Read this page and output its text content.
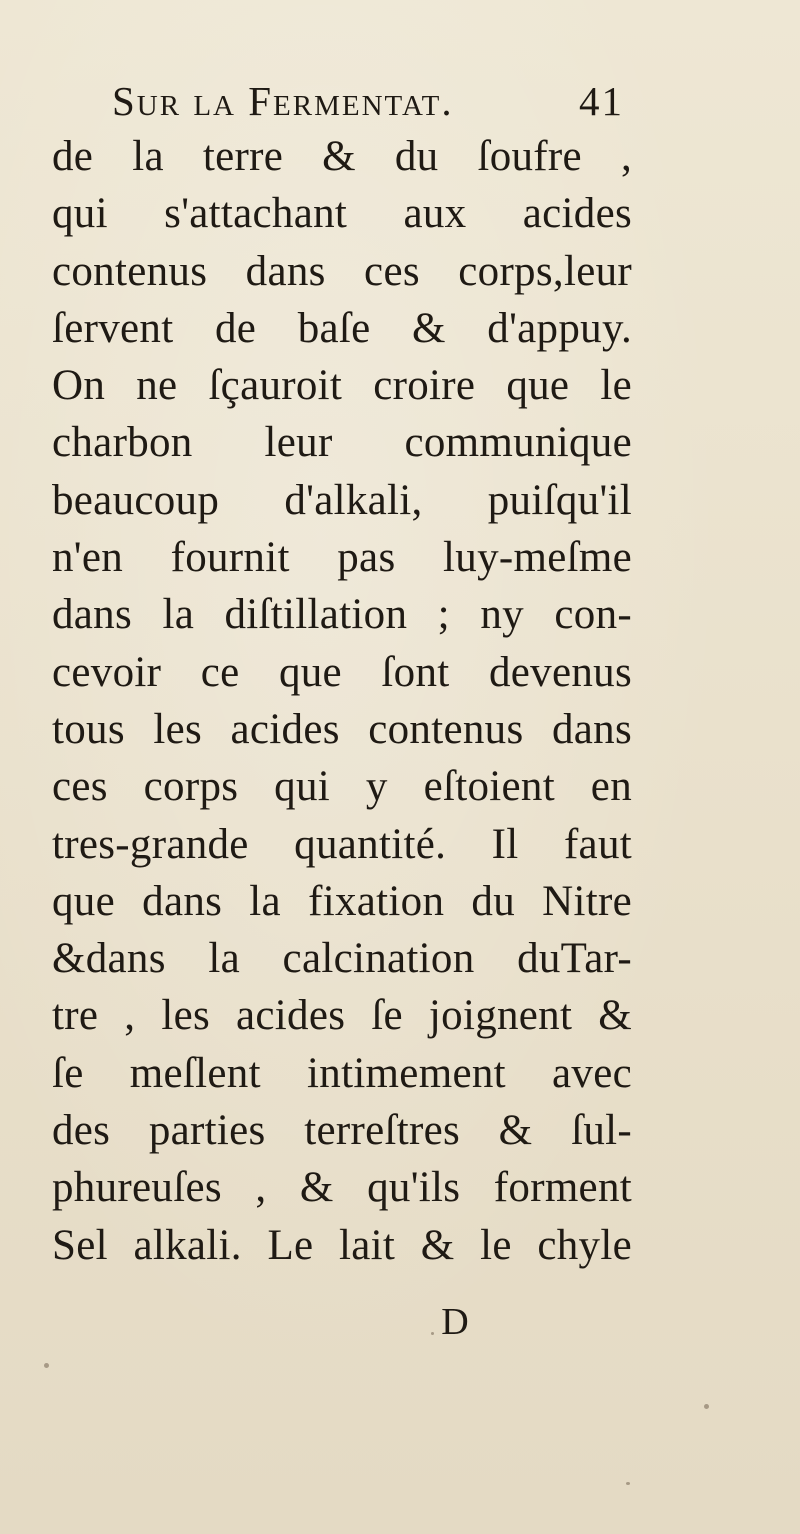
Sur la Fermentat.	41
de la terre & du ſoufre ,
qui s'attachant aux acides
contenus dans ces corps,leur
ſervent de baſe & d'appuy.
On ne ſçauroit croire que le
charbon leur communique
beaucoup d'alkali, puiſqu'il
n'en fournit pas luy-meſme
dans la diſtillation ; ny con-
cevoir ce que ſont devenus
tous les acides contenus dans
ces corps qui y eſtoient en
tres-grande quantité. Il faut
que dans la fixation du Nitre
&dans la calcination duTar-
tre , les acides ſe joignent &
ſe meſlent intimement avec
des parties terreſtres & ſul-
phureuſes , & qu'ils forment
Sel alkali. Le lait & le chyle
D
